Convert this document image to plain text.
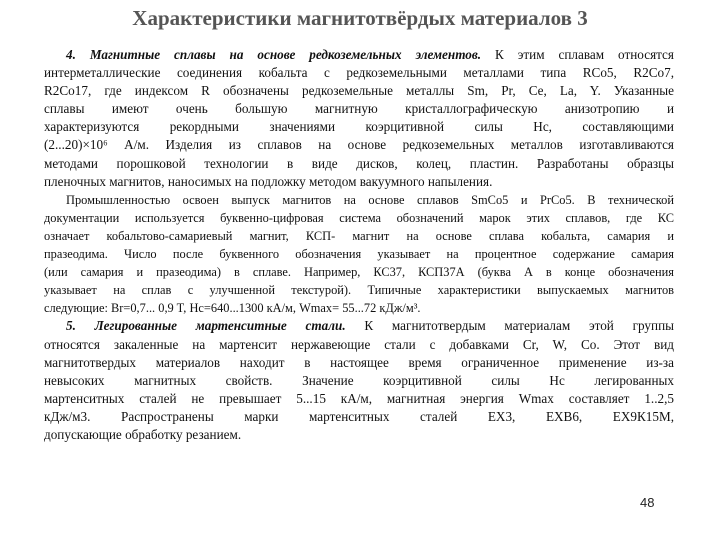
Характеристики магнитотвёрдых материалов 3
4. Магнитные сплавы на основе редкоземельных элементов. К этим сплавам относятся
интерметаллические соединения кобальта с редкоземельными металлами типа RCo5, R2Co7,
R2Co17, где индексом R обозначены редкоземельные металлы Sm, Pr, Ce, La, Y. Указанные
сплавы имеют очень большую магнитную кристаллографическую анизотропию и
характеризуются рекордными значениями коэрцитивной силы Hc, составляющими
(2...20)×10⁶ А/м. Изделия из сплавов на основе редкоземельных металлов изготавливаются
методами порошковой технологии в виде дисков, колец, пластин. Разработаны образцы
пленочных магнитов, наносимых на подложку методом вакуумного напыления.
Промышленностью освоен выпуск магнитов на основе сплавов SmCo5 и PrCo5. В технической
документации используется буквенно-цифровая система обозначений марок этих сплавов, где КС
означает кобальтово-самариевый магнит, КСП- магнит на основе сплава кобальта, самария и
празеодима. Число после буквенного обозначения указывает на процентное содержание самария
(или самария и празеодима) в сплаве. Например, КС37, КСП37А (буква А в конце обозначения
указывает на сплав с улучшенной текстурой). Типичные характеристики выпускаемых магнитов
следующие: Br=0,7... 0,9 T, Hc=640...1300 кА/м, Wmax= 55...72 кДж/м³.
5. Легированные мартенситные стали. К магнитотвердым материалам этой группы
относятся закаленные на мартенсит нержавеющие стали с добавками Cr, W, Co. Этот вид
магнитотвердых материалов находит в настоящее время ограниченное применение из-за
невысоких магнитных свойств. Значение коэрцитивной силы Hc легированных
мартенситных сталей не превышает 5...15 кА/м, магнитная энергия Wmax составляет 1..2,5
кДж/м3. Распространены марки мартенситных сталей ЕХ3, ЕХВ6, ЕХ9К15М,
допускающие обработку резанием.
48
